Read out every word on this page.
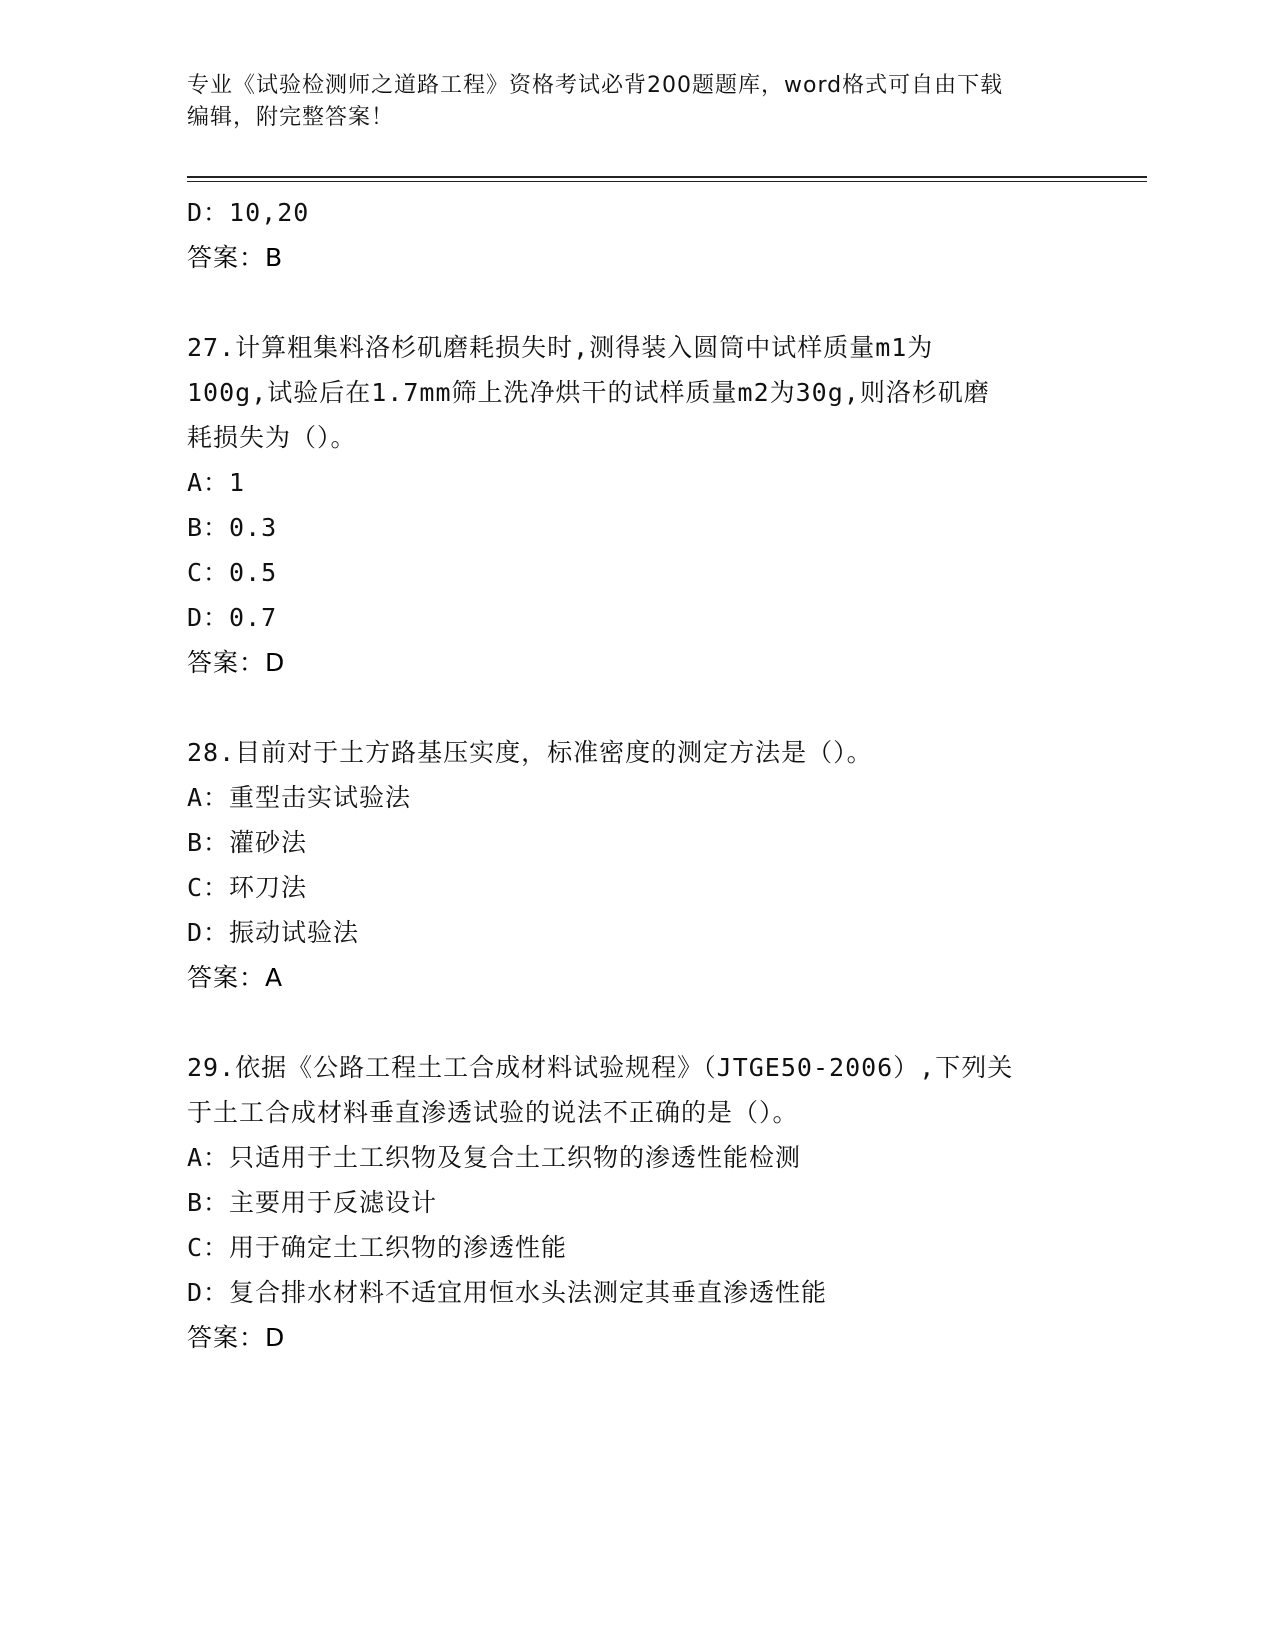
专业《试验检测师之道路工程》资格考试必背200题题库，word格式可自由下载
编辑，附完整答案！
D：10,20
答案：B
27.计算粗集料洛杉矶磨耗损失时,测得装入圆筒中试样质量m1为
100g,试验后在1.7mm筛上洗净烘干的试样质量m2为30g,则洛杉矶磨
耗损失为（）。
A：1
B：0.3
C：0.5
D：0.7
答案：D
28.目前对于土方路基压实度，标准密度的测定方法是（）。
A：重型击实试验法
B：灌砂法
C：环刀法
D：振动试验法
答案：A
29.依据《公路工程土工合成材料试验规程》（JTGE50-2006）,下列关
于土工合成材料垂直渗透试验的说法不正确的是（）。
A：只适用于土工织物及复合土工织物的渗透性能检测
B：主要用于反滤设计
C：用于确定土工织物的渗透性能
D：复合排水材料不适宜用恒水头法测定其垂直渗透性能
答案：D
